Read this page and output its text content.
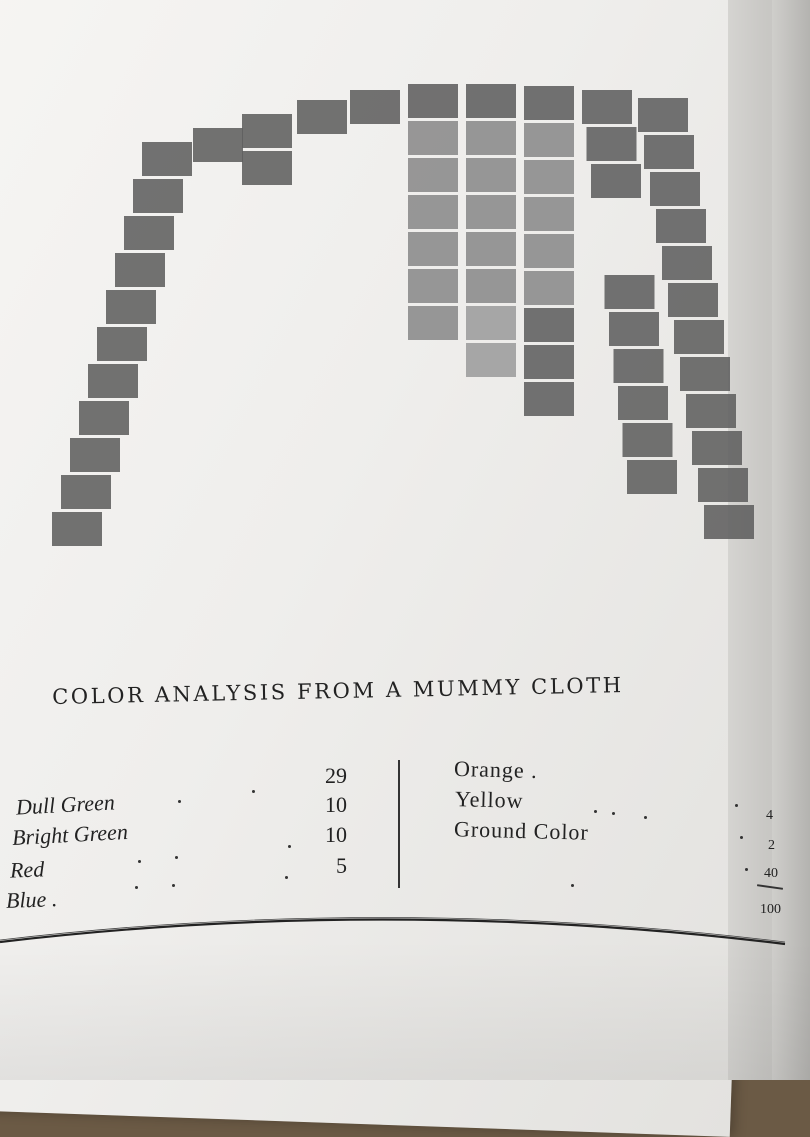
COLOR ANALYSIS FROM A MUMMY CLOTH
Dull Green
Bright Green
Red
Blue .
29
10
10
5
Orange .
Yellow
Ground Color
4
2
40
100
